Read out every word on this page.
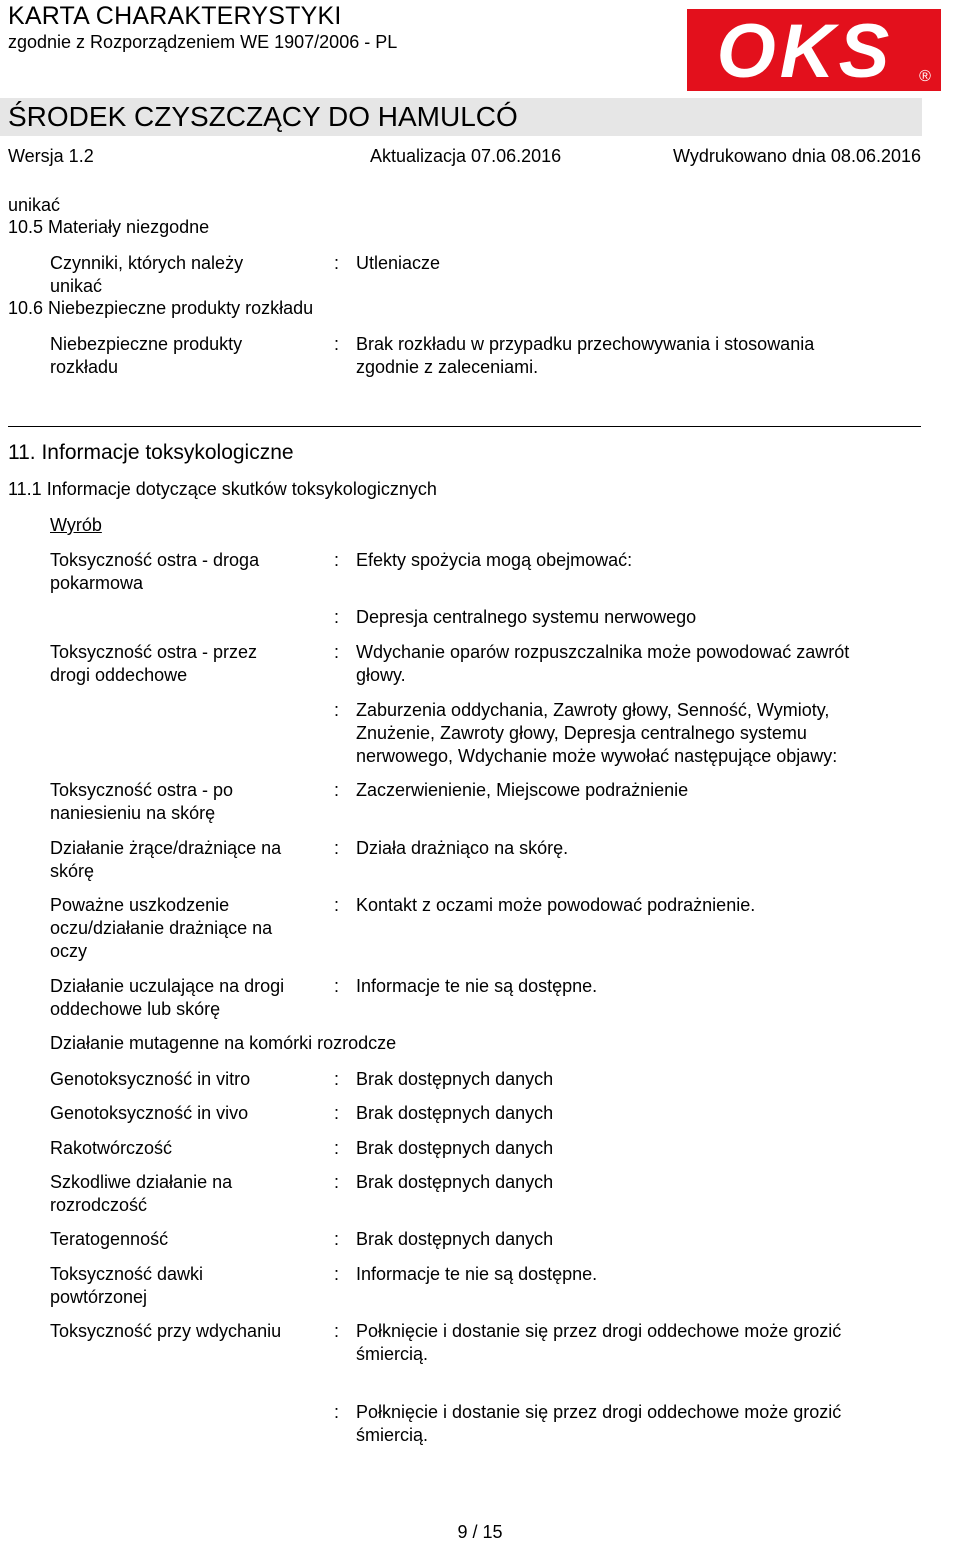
KARTA CHARAKTERYSTYKI
zgodnie z Rozporządzeniem WE 1907/2006 - PL	OKS ®
ŚRODEK CZYSZCZĄCY DO HAMULCÓ
Wersja 1.2	Aktualizacja 07.06.2016	Wydrukowano dnia 08.06.2016
unikać
10.5 Materiały niezgodne
Czynniki, których należy
unikać
: Utleniacze
10.6 Niebezpieczne produkty rozkładu
Niebezpieczne produkty
rozkładu
: Brak rozkładu w przypadku przechowywania i stosowania
zgodnie z zaleceniami.
11. Informacje toksykologiczne
11.1 Informacje dotyczące skutków toksykologicznych
Wyrób
Toksyczność ostra - droga
pokarmowa
: Efekty spożycia mogą obejmować:
: Depresja centralnego systemu nerwowego
Toksyczność ostra - przez
drogi oddechowe
: Wdychanie oparów rozpuszczalnika może powodować zawrót
głowy.
: Zaburzenia oddychania, Zawroty głowy, Senność, Wymioty,
Znużenie, Zawroty głowy, Depresja centralnego systemu
nerwowego, Wdychanie może wywołać następujące objawy:
Toksyczność ostra - po
naniesieniu na skórę
: Zaczerwienienie, Miejscowe podrażnienie
Działanie żrące/drażniące na
skórę
: Działa drażniąco na skórę.
Poważne uszkodzenie
oczu/działanie drażniące na
oczy
: Kontakt z oczami może powodować podrażnienie.
Działanie uczulające na drogi
oddechowe lub skórę
: Informacje te nie są dostępne.
Działanie mutagenne na komórki rozrodcze
Genotoksyczność in vitro	: Brak dostępnych danych
Genotoksyczność in vivo	: Brak dostępnych danych
Rakotwórczość	: Brak dostępnych danych
Szkodliwe działanie na
rozrodczość
: Brak dostępnych danych
Teratogenność	: Brak dostępnych danych
Toksyczność dawki
powtórzonej
: Informacje te nie są dostępne.
Toksyczność przy wdychaniu	: Połknięcie i dostanie się przez drogi oddechowe może grozić
śmiercią.
: Połknięcie i dostanie się przez drogi oddechowe może grozić
śmiercią.
9 / 15
